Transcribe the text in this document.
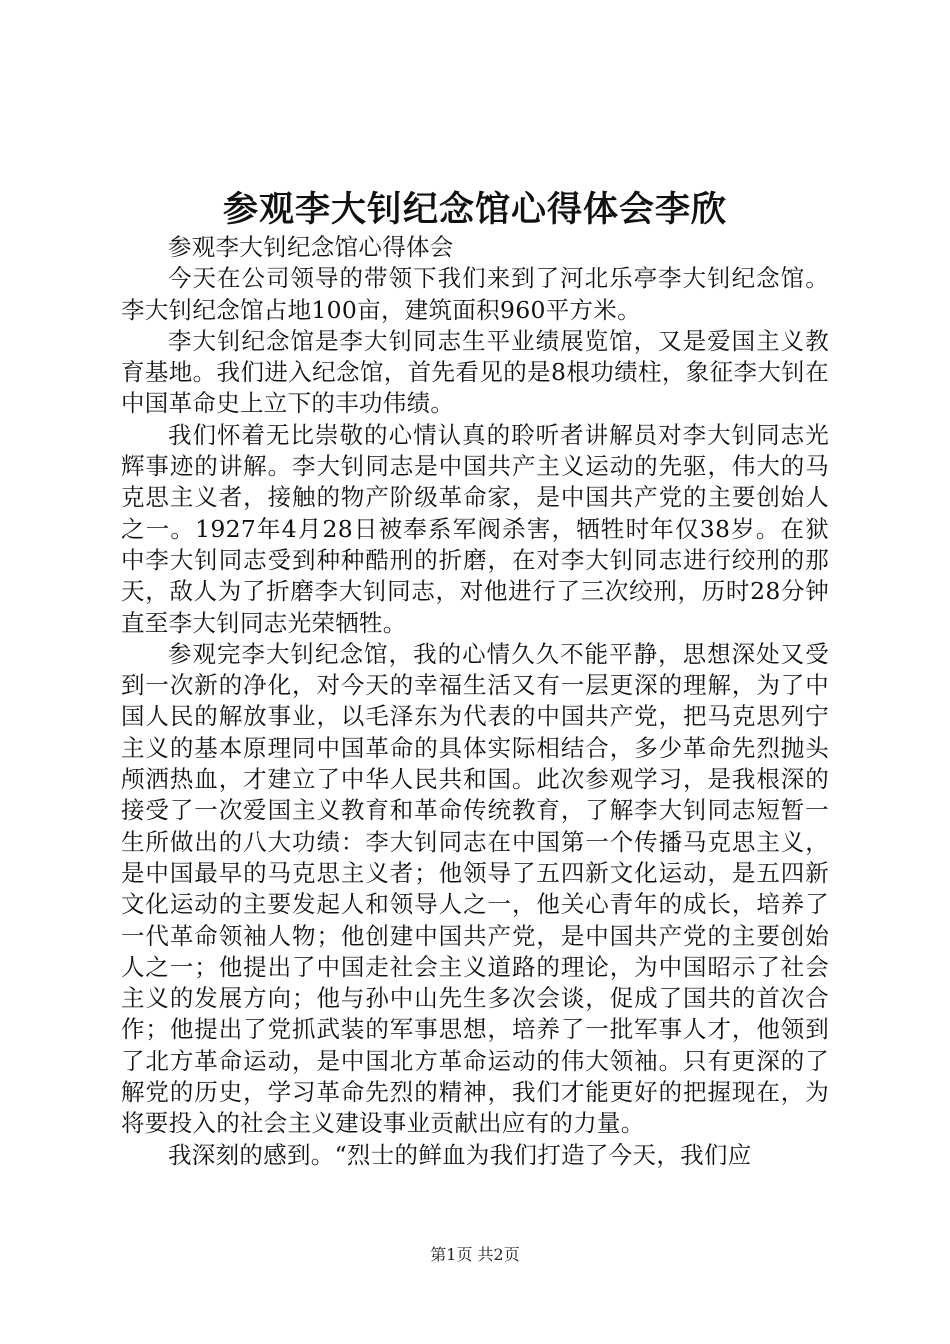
参观李大钊纪念馆心得体会李欣

参观李大钊纪念馆心得体会

今天在公司领导的带领下我们来到了河北乐亭李大钊纪念馆。李大钊纪念馆占地100亩，建筑面积960平方米。

李大钊纪念馆是李大钊同志生平业绩展览馆，又是爱国主义教育基地。我们进入纪念馆，首先看见的是8根功绩柱，象征李大钊在中国革命史上立下的丰功伟绩。

我们怀着无比崇敬的心情认真的聆听者讲解员对李大钊同志光辉事迹的讲解。李大钊同志是中国共产主义运动的先驱，伟大的马克思主义者，接触的物产阶级革命家，是中国共产党的主要创始人之一。1927年4月28日被奉系军阀杀害，牺牲时年仅38岁。在狱中李大钊同志受到种种酷刑的折磨，在对李大钊同志进行绞刑的那天，敌人为了折磨李大钊同志，对他进行了三次绞刑，历时28分钟直至李大钊同志光荣牺牲。

参观完李大钊纪念馆，我的心情久久不能平静，思想深处又受到一次新的净化，对今天的幸福生活又有一层更深的理解，为了中国人民的解放事业，以毛泽东为代表的中国共产党，把马克思列宁主义的基本原理同中国革命的具体实际相结合，多少革命先烈抛头颅洒热血，才建立了中华人民共和国。此次参观学习，是我根深的接受了一次爱国主义教育和革命传统教育，了解李大钊同志短暂一生所做出的八大功绩：李大钊同志在中国第一个传播马克思主义，是中国最早的马克思主义者；他领导了五四新文化运动，是五四新文化运动的主要发起人和领导人之一，他关心青年的成长，培养了一代革命领袖人物；他创建中国共产党，是中国共产党的主要创始人之一；他提出了中国走社会主义道路的理论，为中国昭示了社会主义的发展方向；他与孙中山先生多次会谈，促成了国共的首次合作；他提出了党抓武装的军事思想，培养了一批军事人才，他领到了北方革命运动，是中国北方革命运动的伟大领袖。只有更深的了解党的历史，学习革命先烈的精神，我们才能更好的把握现在，为将要投入的社会主义建设事业贡献出应有的力量。

我深刻的感到。“烈士的鲜血为我们打造了今天，我们应

第1页 共2页
